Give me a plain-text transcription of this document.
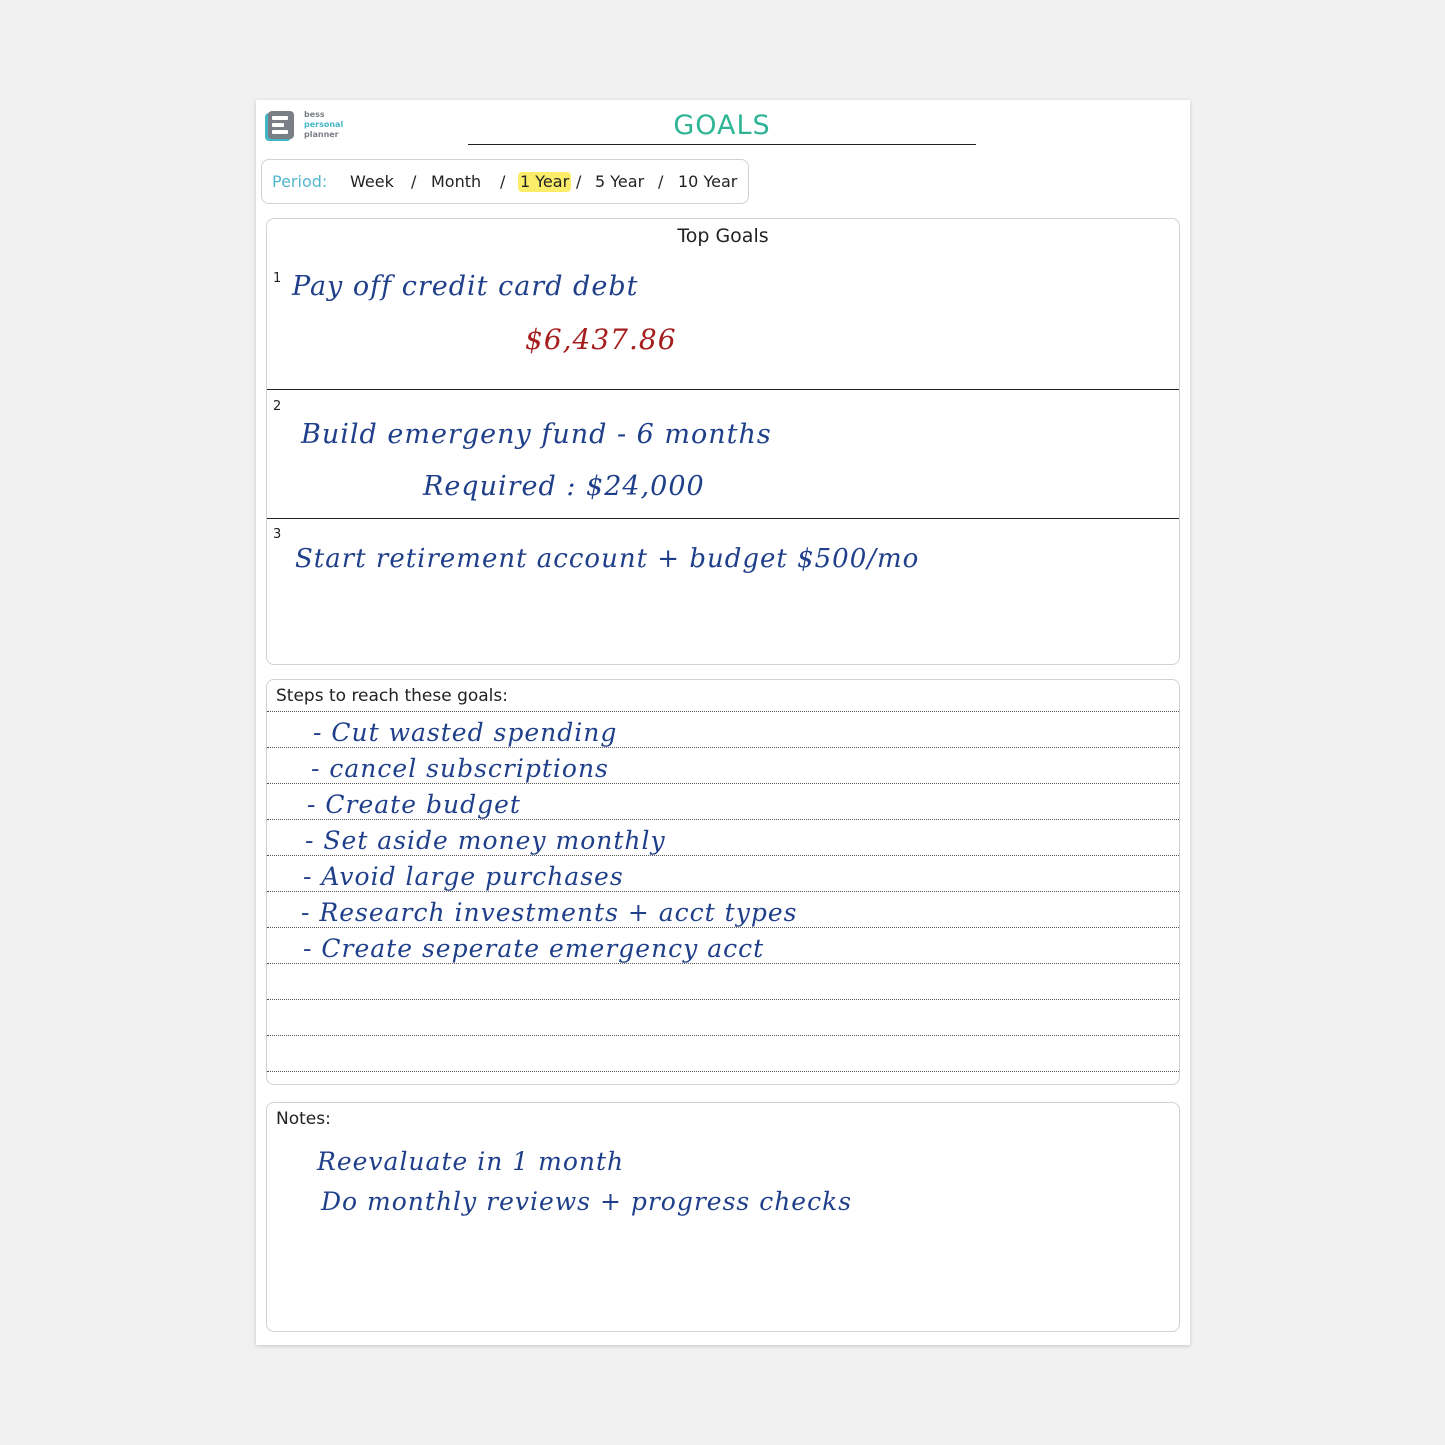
bess
personal
planner	GOALS
Period: Week / Month / 1 Year / 5 Year / 10 Year
Top Goals
1 Pay off credit card debt
$6,437.86
2
Build emergeny fund - 6 months
Required : $24,000
3
Start retirement account + budget $500/mo
Steps to reach these goals:
- Cut wasted spending
- cancel subscriptions
- Create budget
- Set aside money monthly
- Avoid large purchases
- Research investments + acct types
- Create seperate emergency acct
Notes:
Reevaluate in 1 month
Do monthly reviews + progress checks
